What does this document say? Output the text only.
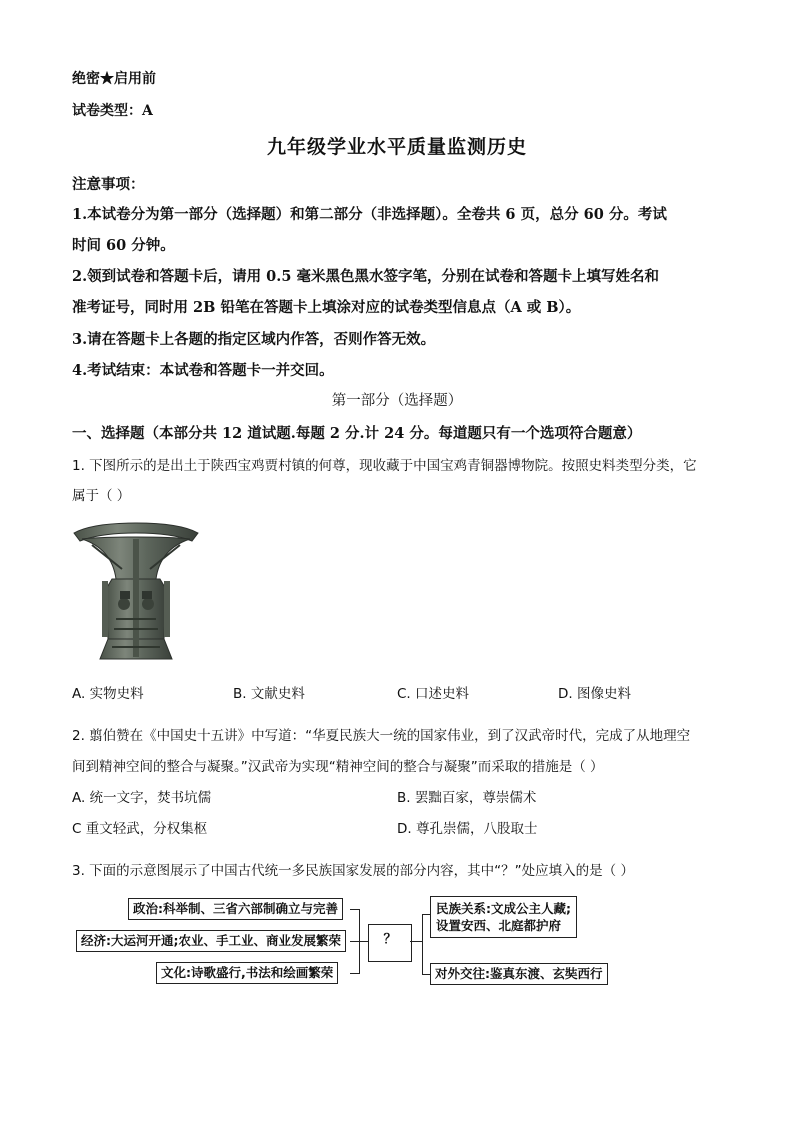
绝密★启用前
试卷类型：A
九年级学业水平质量监测历史
注意事项：
1.本试卷分为第一部分（选择题）和第二部分（非选择题）。全卷共 6 页，总分 60 分。考试
时间 60 分钟。
2.领到试卷和答题卡后，请用 0.5 毫米黑色黑水签字笔，分别在试卷和答题卡上填写姓名和
准考证号，同时用 2B 铅笔在答题卡上填涂对应的试卷类型信息点（A 或 B）。
3.请在答题卡上各题的指定区域内作答，否则作答无效。
4.考试结束：本试卷和答题卡一并交回。
第一部分（选择题）
一、选择题（本部分共 12 道试题.每题 2 分.计 24 分。每道题只有一个选项符合题意）
1. 下图所示的是出土于陕西宝鸡贾村镇的何尊，现收藏于中国宝鸡青铜器博物院。按照史料类型分类，它
属于（ ）
A. 实物史料	B. 文献史料	C. 口述史料	D. 图像史料
2. 翦伯赞在《中国史十五讲》中写道：“华夏民族大一统的国家伟业，到了汉武帝时代，完成了从地理空
间到精神空间的整合与凝聚。”汉武帝为实现“精神空间的整合与凝聚”而采取的措施是（ ）
A. 统一文字，焚书坑儒	B. 罢黜百家，尊崇儒术
C 重文轻武，分权集枢	D. 尊孔崇儒，八股取士
3. 下面的示意图展示了中国古代统一多民族国家发展的部分内容，其中“？”处应填入的是（ ）
政治:科举制、三省六部制确立与完善
经济:大运河开通;农业、手工业、商业发展繁荣
文化:诗歌盛行,书法和绘画繁荣
？
民族关系:文成公主人藏;
设置安西、北庭都护府
对外交往:鉴真东渡、玄奘西行
